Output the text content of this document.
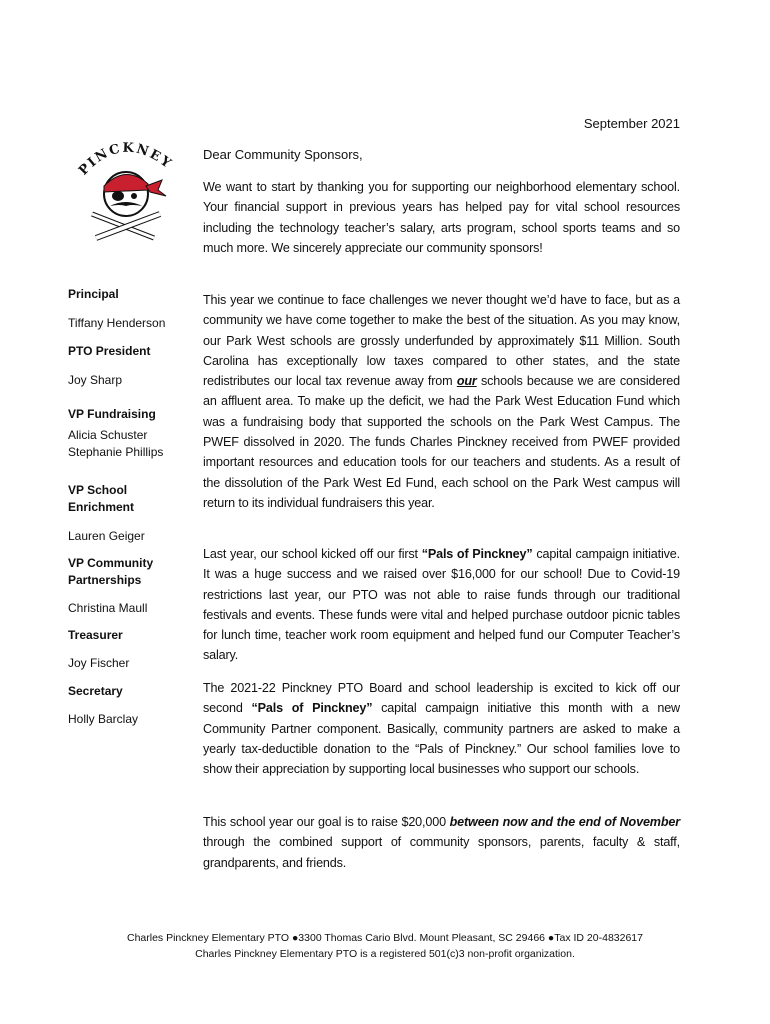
PINCKNEY
September 2021
Dear Community Sponsors,
Principal
Tiffany Henderson
PTO President
Joy Sharp
VP Fundraising
Alicia Schuster
Stephanie Phillips
VP School Enrichment
Lauren Geiger
VP Community Partnerships
Christina Maull
Treasurer
Joy Fischer
Secretary
Holly Barclay

We want to start by thanking you for supporting our neighborhood elementary school. Your financial support in previous years has helped pay for vital school resources including the technology teacher’s salary, arts program, school sports teams and so much more. We sincerely appreciate our community sponsors!

This year we continue to face challenges we never thought we’d have to face, but as a community we have come together to make the best of the situation. As you may know, our Park West schools are grossly underfunded by approximately $11 Million. South Carolina has exceptionally low taxes compared to other states, and the state redistributes our local tax revenue away from our schools because we are considered an affluent area. To make up the deficit, we had the Park West Education Fund which was a fundraising body that supported the schools on the Park West Campus. The PWEF dissolved in 2020. The funds Charles Pinckney received from PWEF provided important resources and education tools for our teachers and students. As a result of the dissolution of the Park West Ed Fund, each school on the Park West campus will return to its individual fundraisers this year.

Last year, our school kicked off our first “Pals of Pinckney” capital campaign initiative. It was a huge success and we raised over $16,000 for our school! Due to Covid-19 restrictions last year, our PTO was not able to raise funds through our traditional festivals and events. These funds were vital and helped purchase outdoor picnic tables for lunch time, teacher work room equipment and helped fund our Computer Teacher’s salary.

The 2021-22 Pinckney PTO Board and school leadership is excited to kick off our second “Pals of Pinckney” capital campaign initiative this month with a new Community Partner component. Basically, community partners are asked to make a yearly tax-deductible donation to the “Pals of Pinckney.” Our school families love to show their appreciation by supporting local businesses who support our schools.

This school year our goal is to raise $20,000 between now and the end of November through the combined support of community sponsors, parents, faculty & staff, grandparents, and friends.

Charles Pinckney Elementary PTO ●3300 Thomas Cario Blvd. Mount Pleasant, SC 29466 ●Tax ID 20-4832617
Charles Pinckney Elementary PTO is a registered 501(c)3 non-profit organization.
